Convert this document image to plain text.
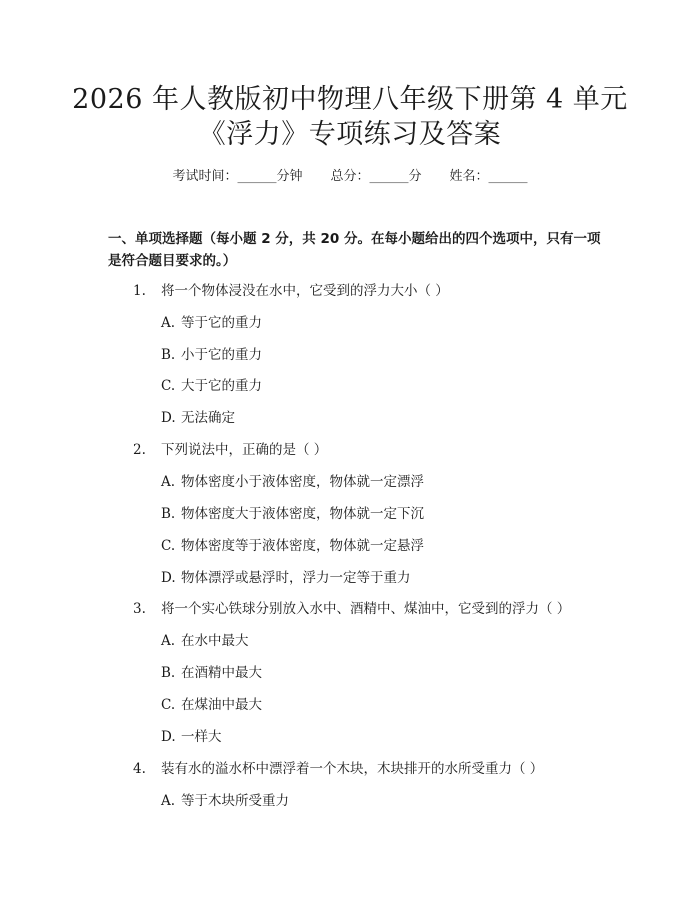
2026 年人教版初中物理八年级下册第 4 单元
《浮力》专项练习及答案
考试时间：______分钟 总分：______分 姓名：______
一、单项选择题（每小题 2 分，共 20 分。在每小题给出的四个选项中，只有一项是符合题目要求的。）
1. 将一个物体浸没在水中，它受到的浮力大小（ ）
A. 等于它的重力
B. 小于它的重力
C. 大于它的重力
D. 无法确定
2. 下列说法中，正确的是（ ）
A. 物体密度小于液体密度，物体就一定漂浮
B. 物体密度大于液体密度，物体就一定下沉
C. 物体密度等于液体密度，物体就一定悬浮
D. 物体漂浮或悬浮时，浮力一定等于重力
3. 将一个实心铁球分别放入水中、酒精中、煤油中，它受到的浮力（ ）
A. 在水中最大
B. 在酒精中最大
C. 在煤油中最大
D. 一样大
4. 装有水的溢水杯中漂浮着一个木块，木块排开的水所受重力（ ）
A. 等于木块所受重力
